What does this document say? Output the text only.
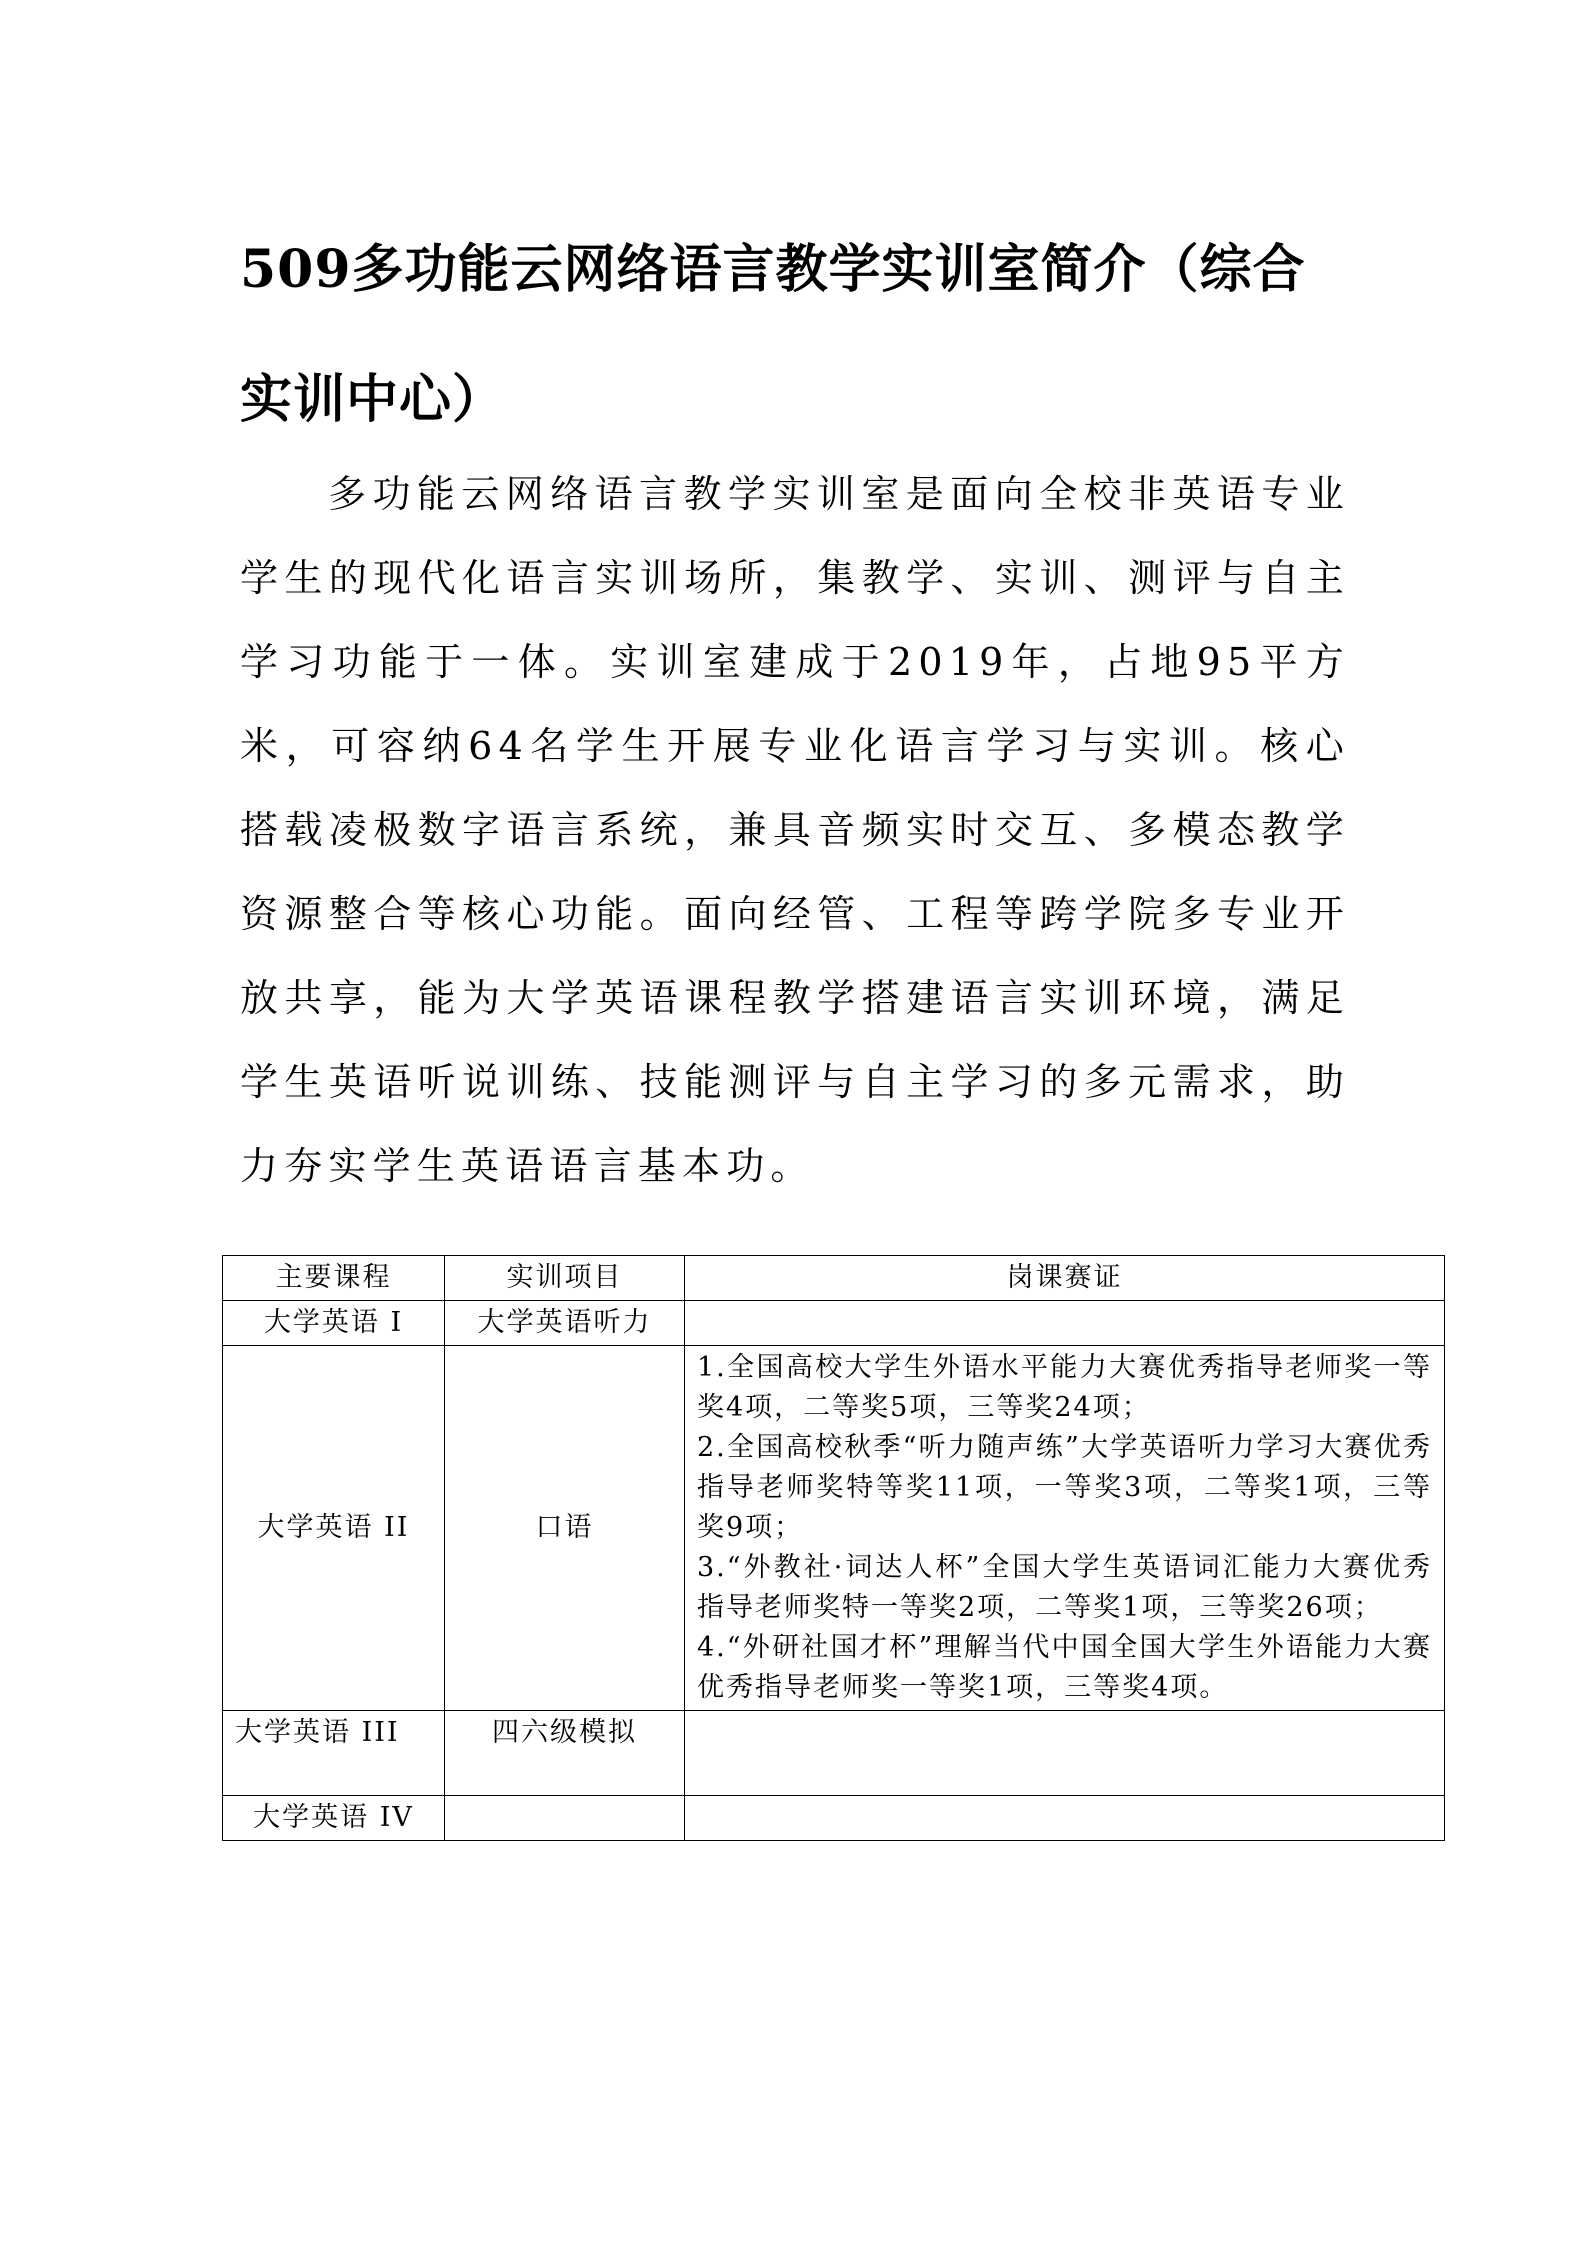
509多功能云网络语言教学实训室简介（综合实训中心）

多功能云网络语言教学实训室是面向全校非英语专业学生的现代化语言实训场所，集教学、实训、测评与自主学习功能于一体。实训室建成于2019年，占地95平方米，可容纳64名学生开展专业化语言学习与实训。核心搭载凌极数字语言系统，兼具音频实时交互、多模态教学资源整合等核心功能。面向经管、工程等跨学院多专业开放共享，能为大学英语课程教学搭建语言实训环境，满足学生英语听说训练、技能测评与自主学习的多元需求，助力夯实学生英语语言基本功。

主要课程	实训项目	岗课赛证
大学英语 I	大学英语听力	
大学英语 II	口语	1.全国高校大学生外语水平能力大赛优秀指导老师奖一等奖4项，二等奖5项，三等奖24项；
2.全国高校秋季“听力随声练”大学英语听力学习大赛优秀指导老师奖特等奖11项，一等奖3项，二等奖1项，三等奖9项；
3.“外教社·词达人杯”全国大学生英语词汇能力大赛优秀指导老师奖特一等奖2项，二等奖1项，三等奖26项；
4.“外研社国才杯”理解当代中国全国大学生外语能力大赛优秀指导老师奖一等奖1项，三等奖4项。

大学英语 III	四六级模拟	
大学英语 IV		
